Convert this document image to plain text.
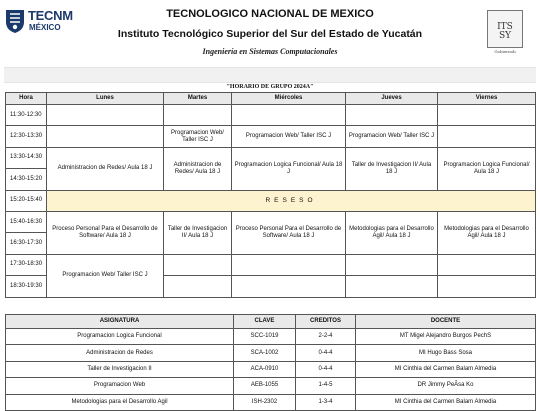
TECNM
MÉXICO
TECNOLOGICO NACIONAL DE MEXICO
Instituto Tecnológico Superior del Sur del Estado de Yucatán
Ingeniería en Sistemas Computacionales
ITS
SY
Gobiernob
"HORARIO DE GRUPO 2024A"
Hora	Lunes	Martes	Miércoles	Jueves	Viernes
11:30-12:30					
12:30-13:30		Programacion Web/ Taller ISC J	Programacion Web/ Taller ISC J	Programacion Web/ Taller ISC J	
13:30-14:30	Administracion de Redes/ Aula 18 J	Administracion de Redes/ Aula 18 J	Programacion Logica Funcional/ Aula 18 J	Taller de Investigacion II/ Aula 18 J	Programacion Logica Funcional/ Aula 18 J
14:30-15:20					
15:20-15:40	RESESO				
15:40-16:30	Proceso Personal Para el Desarrollo de Software/ Aula 18 J	Taller de Investigacion II/ Aula 18 J	Proceso Personal Para el Desarrollo de Software/ Aula 18 J	Metodologias para el Desarrollo Agil/ Aula 18 J	Metodologias para el Desarrollo Agil/ Aula 18 J
16:30-17:30					
17:30-18:30	Programacion Web/ Taller ISC J				
18:30-19:30					
ASIGNATURA	CLAVE	CREDITOS	DOCENTE
Programacion Logica Funcional	SCC-1019	2-2-4	MT Migel Alejandro Burgos PechS
Administracion de Redes	SCA-1002	0-4-4	MI Hugo Bass Sosa
Taller de Investigacion II	ACA-0910	0-4-4	MI Cinthia del Carmen Balam Almedia
Programacion Web	AEB-1055	1-4-5	DR Jimmy PeÃsa Ko
Metodologias para el Desarrollo Agil	ISH-2302	1-3-4	MI Cinthia del Carmen Balam Almedia
